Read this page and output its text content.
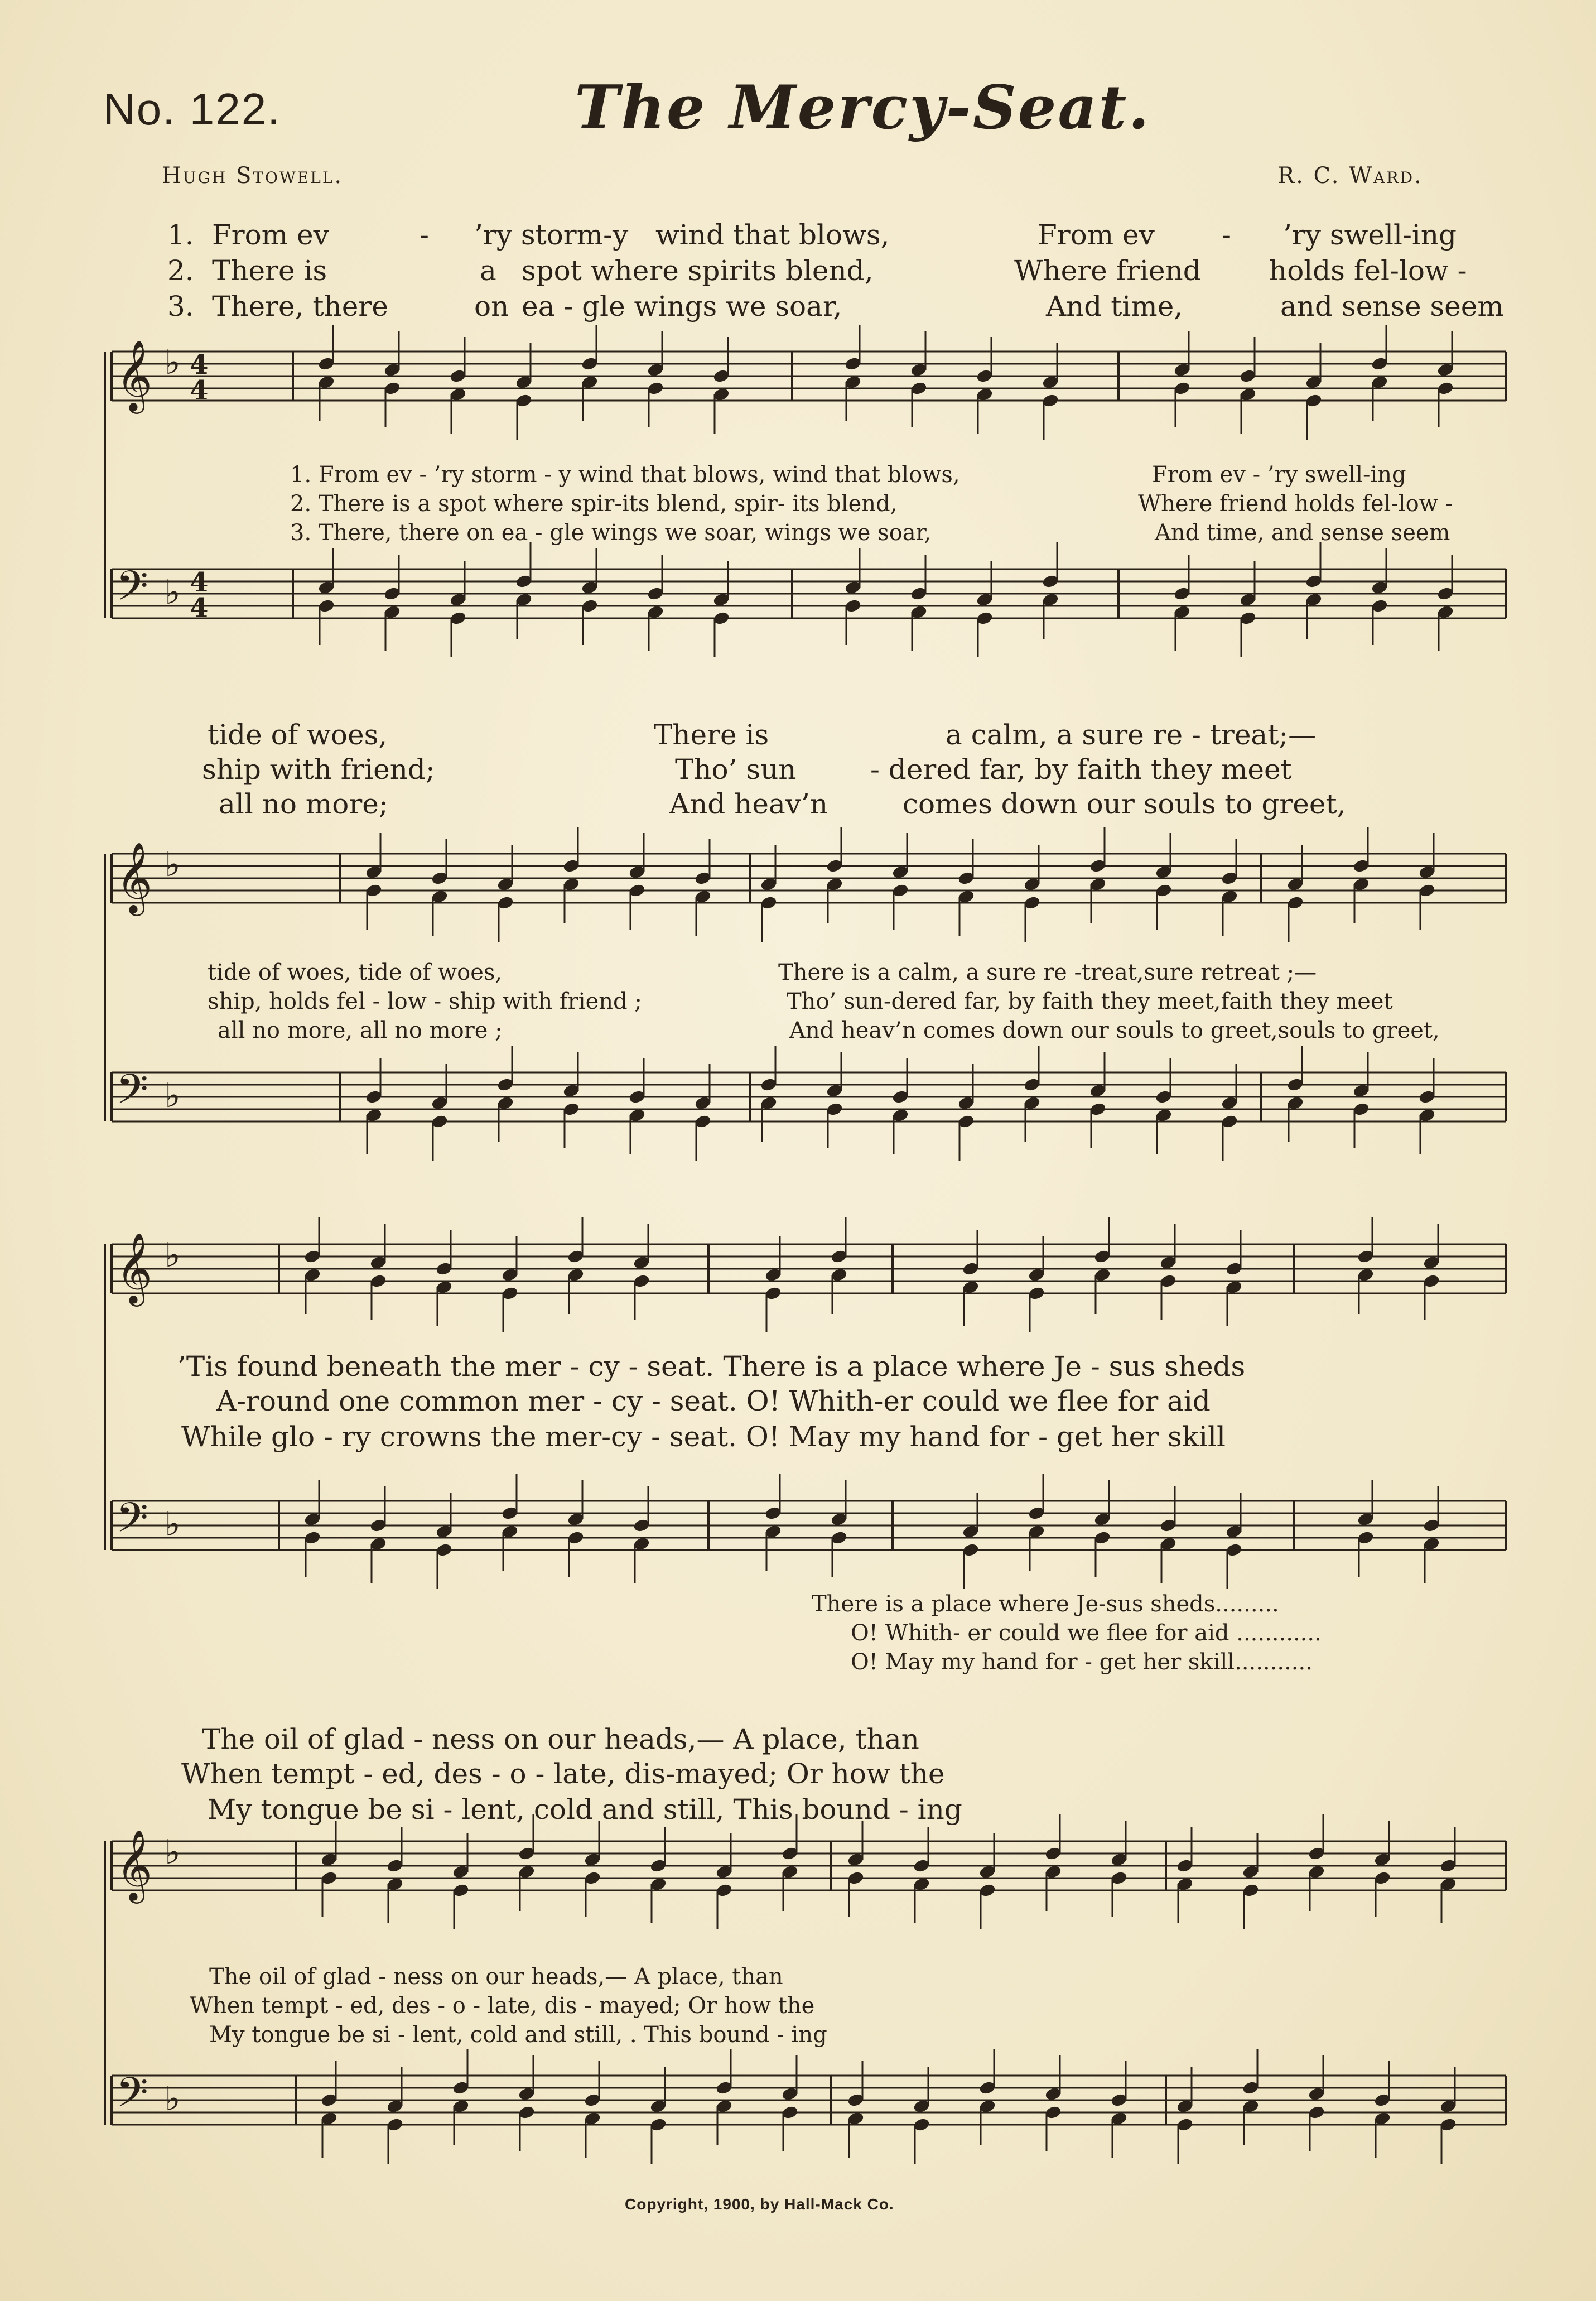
No. 122.	The Mercy-Seat.
Hugh Stowell.	R. C. Ward.
1.
2.
3.
From ev	- ’ry storm-y wind that blows,	From ev - ’ry swell-ing
There is	a spot where spirits blend,	Where friend holds fel-low -
There, there	on ea - gle wings we soar,	And time,	and sense seem
1. From ev - ’ry storm - y wind that blows, wind that blows,
2. There is a spot where spir-its blend, spir- its blend,
3. There, there on ea - gle wings we soar, wings we soar,
From ev - ’ry swell-ing
Where friend holds fel-low -
And time, and sense seem
tide of woes,	There is	a calm, a sure re - treat;—
ship with friend;	Tho’ sun	- dered far, by faith they meet
all no more;	And heav’n	comes down our souls to greet,
tide of woes, tide of woes,
ship, holds fel - low - ship with friend ;
all no more, all no more ;
There is a calm, a sure re -treat,sure retreat ;—
Tho’ sun-dered far, by faith they meet,faith they meet
And heav’n comes down our souls to greet,souls to greet,
’Tis found beneath the mer - cy - seat. There is a place where Je - sus sheds
A-round one common mer - cy - seat. O! Whith-er could we flee for aid
While glo - ry crowns the mer-cy - seat. O! May my hand for - get her skill
There is a place where Je-sus sheds.........
O! Whith- er could we flee for aid ............
O! May my hand for - get her skill...........
The oil of glad - ness on our heads,— A place, than
When tempt - ed, des - o - late, dis-mayed; Or how the
My tongue be si - lent, cold and still, This bound - ing
The oil of glad - ness on our heads,— A place, than
When tempt - ed, des - o - late, dis - mayed; Or how the
My tongue be si - lent, cold and still, . This bound - ing
Copyright, 1900, by Hall-Mack Co.
𝄞
𝄢
♭
♭
4
4
4
4
𝄞
𝄢
♭
♭
𝄞
𝄢
♭
♭
𝄞
𝄢
♭
♭
